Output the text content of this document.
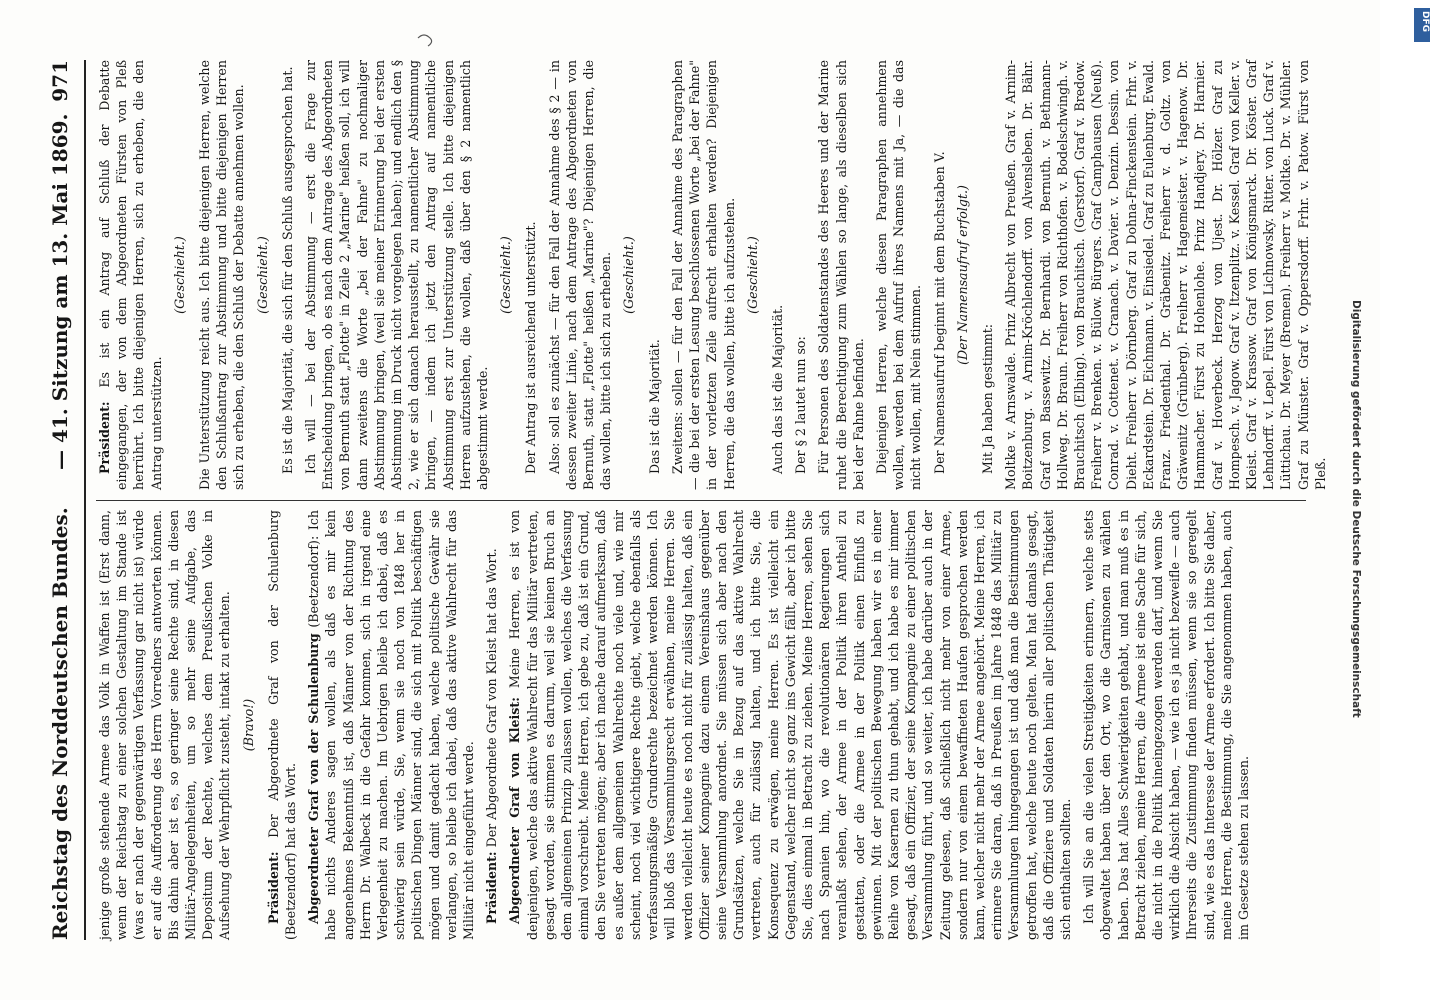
Reichstag des Norddeutschen Bundes.
— 41. Sitzung am 13. Mai 1869.
971

jenige große stehende Armee das Volk in Waffen ist (Erst dann, wenn der Reichstag zu einer solchen Gestaltung im Stande ist (was er nach der gegenwärtigen Verfassung gar nicht ist) würde er auf die Aufforderung des Herrn Vorredners antworten können. Bis dahin aber ist es, so geringer seine Rechte sind, in diesen Militär-Angelegenheiten, um so mehr seine Aufgabe, das Depositum der Rechte, welches dem Preußischen Volke in Aufsehung der Wehrpflicht zusteht, intakt zu erhalten. (Bravo!)

Präsident: Der Abgeordnete Graf von der Schulenburg (Beetzendorf) hat das Wort. Abgeordneter Graf von der Schulenburg (Beetzendorf): Ich habe nichts Anderes sagen wollen, als daß es mir kein angenehmes Bekenntniß ist, daß Männer von der Richtung des Herrn Dr. Walbeck in die Gefahr kommen, sich in irgend eine Verlegenheit zu machen. Im Uebrigen bleibe ich dabei, daß es schwierig sein würde, Sie, wenn sie noch von 1848 her in politischen Dingen Männer sind, die sich mit Politik beschäftigen mögen und damit gedacht haben, welche politische Gewähr sie verlangen, so bleibe ich dabei, daß das aktive Wahlrecht für das Militär nicht eingeführt werde. Präsident: Der Abgeordnete Graf von Kleist hat das Wort. Abgeordneter Graf von Kleist: Meine Herren, es ist von denjenigen, welche das aktive Wahlrecht für das Militär vertreten, gesagt worden, sie stimmen es darum, weil sie keinen Bruch an dem allgemeinen Prinzip zulassen wollen, welches die Verfassung einmal vorschreibt. Meine Herren, ich gebe zu, daß ist ein Grund, den Sie vertreten mögen; aber ich mache darauf aufmerksam, daß es außer dem allgemeinen Wahlrechte noch viele und, wie mir scheint, noch viel wichtigere Rechte giebt, welche ebenfalls als verfassungsmäßige Grundrechte bezeichnet werden können. Ich will bloß das Versammlungsrecht erwähnen, meine Herren. Sie werden vielleicht heute es noch nicht für zulässig halten, daß ein Offizier seiner Kompagnie dazu einem Vereinshaus gegenüber seine Versammlung anordnet. Sie müssen sich aber nach den Grundsätzen, welche Sie in Bezug auf das aktive Wahlrecht vertreten, auch für zulässig halten, und ich bitte Sie, die Konsequenz zu erwägen, meine Herren. Es ist vielleicht ein Gegenstand, welcher nicht so ganz ins Gewicht fällt, aber ich bitte Sie, dies einmal in Betracht zu ziehen. Meine Herren, sehen Sie nach Spanien hin, wo die revolutionären Regierungen sich veranlaßt sehen, der Armee in der Politik ihren Antheil zu gestatten, oder die Armee in der Politik einen Einfluß zu gewinnen. Mit der politischen Bewegung haben wir es in einer Reihe von Kasernen zu thun gehabt, und ich habe es mir immer gesagt, daß ein Offizier, der seine Kompagnie zu einer politischen Versammlung führt, und so weiter, ich habe darüber auch in der Zeitung gelesen, daß schließlich nicht mehr von einer Armee, sondern nur von einem bewaffneten Haufen gesprochen werden kann, welcher nicht mehr der Armee angehört. Meine Herren, ich erinnere Sie daran, daß in Preußen im Jahre 1848 das Militär zu Versammlungen hingegangen ist und daß man die Bestimmungen getroffen hat, welche heute noch gelten. Man hat damals gesagt, daß die Offiziere und Soldaten hierin aller politischen Thätigkeit sich enthalten sollten. Ich will Sie an die vielen Streitigkeiten erinnern, welche stets obgewaltet haben über den Ort, wo die Garnisonen zu wählen haben. Das hat Alles Schwierigkeiten gehabt, und man muß es in Betracht ziehen, meine Herren, die Armee ist eine Sache für sich, die nicht in die Politik hineingezogen werden darf, und wenn Sie wirklich die Absicht haben, — wie ich es ja nicht bezweifle — auch Ihrerseits die Zustimmung finden müssen, wenn sie so geregelt sind, wie es das Interesse der Armee erfordert. Ich bitte Sie daher, meine Herren, die Bestimmung, die Sie angenommen haben, auch im Gesetze stehen zu lassen.

Präsident: Es ist ein Antrag auf Schluß der Debatte eingegangen, der von dem Abgeordneten Fürsten von Pleß herrührt. Ich bitte diejenigen Herren, sich zu erheben, die den Antrag unterstützen.

(Geschieht.) Die Unterstützung reicht aus. Ich bitte diejenigen Herren, welche den Schlußantrag zur Abstimmung und bitte diejenigen Herren sich zu erheben, die den Schluß der Debatte annehmen wollen. (Geschieht.) Es ist die Majorität, die sich für den Schluß ausgesprochen hat. Ich will — bei der Abstimmung — erst die Frage zur Entscheidung bringen, ob es nach dem Antrage des Abgeordneten von Bernuth statt „Flotte" in Zeile 2 „Marine" heißen soll, ich will dann zweitens die Worte „bei der Fahne" zu nochmaliger Abstimmung bringen, (weil sie meiner Erinnerung bei der ersten Abstimmung im Druck nicht vorgelegen haben); und endlich den § 2, wie er sich danach herausstellt, zu namentlicher Abstimmung bringen, — indem ich jetzt den Antrag auf namentliche Abstimmung erst zur Unterstützung stelle. Ich bitte diejenigen Herren aufzustehen, die wollen, daß über den § 2 namentlich abgestimmt werde.

(Geschieht.) Der Antrag ist ausreichend unterstützt. Also: soll es zunächst — für den Fall der Annahme des § 2 — in dessen zweiter Linie, nach dem Antrage des Abgeordneten von Bernuth, statt „Flotte" heißen „Marine"? Diejenigen Herren, die das wollen, bitte ich sich zu erheben. (Geschieht.)

Das ist die Majorität. Zweitens: sollen — für den Fall der Annahme des Paragraphen — die bei der ersten Lesung beschlossenen Worte „bei der Fahne" in der vorletzten Zeile aufrecht erhalten werden? Diejenigen Herren, die das wollen, bitte ich aufzustehen. (Geschieht.)

Auch das ist die Majorität. Der § 2 lautet nun so: Für Personen des Soldatenstandes des Heeres und der Marine ruhet die Berechtigung zum Wählen so lange, als dieselben sich bei der Fahne befinden. Diejenigen Herren, welche diesen Paragraphen annehmen wollen, werden bei dem Aufruf ihres Namens mit Ja, — die das nicht wollen, mit Nein stimmen. Der Namensaufruf beginnt mit dem Buchstaben V. (Der Namensaufruf erfolgt.)

Mit Ja haben gestimmt: Moltke v. Arnswalde. Prinz Albrecht von Preußen. Graf v. Arnim-Boitzenburg. v. Arnim-Kröchlendorff. von Alvensleben. Dr. Bähr. Graf von Bassewitz. Dr. Bernhardi. von Bernuth. v. Bethmann-Hollweg. Dr. Braun. Freiherr von Richthofen. v. Bodelschwingh. v. Brauchitsch (Elbing). von Brauchitsch. (Gerstorf). Graf v. Bredow. Freiherr v. Brenken. v. Bülow. Bürgers. Graf Camphausen (Neuß). Conrad. v. Cottenet. v. Cranach. v. Davier. v. Denzin. Dessin. von Dieht. Freiherr v. Dörnberg. Graf zu Dohna-Finckenstein. Frhr. v. Eckardstein. Dr. Eichmann. v. Einsiedel. Graf zu Eulenburg. Ewald. Franz. Friedenthal. Dr. Gräbenitz. Freiherr v. d. Goltz. von Gräwenitz (Grünberg). Freiherr v. Hagemeister. v. Hagenow. Dr. Hammacher. Fürst zu Hohenlohe. Prinz Handjery. Dr. Harnier. Graf v. Hoverbeck. Herzog von Ujest. Dr. Hölzer. Graf zu Hompesch. v. Jagow. Graf v. Itzenplitz. v. Kessel. Graf von Keller. v. Kleist. Graf v. Krassow. Graf von Königsmarck. Dr. Köster. Graf Lehndorff. v. Lepel. Fürst von Lichnowsky. Ritter. von Luck. Graf v. Lüttichau. Dr. Meyer (Bremen). Freiherr v. Moltke. Dr. v. Mühler. Graf zu Münster. Graf v. Oppersdorff. Frhr. v. Patow. Fürst von Pleß.	Digitalisierung gefördert durch die Deutsche Forschungsgemeinschaft
DFG
